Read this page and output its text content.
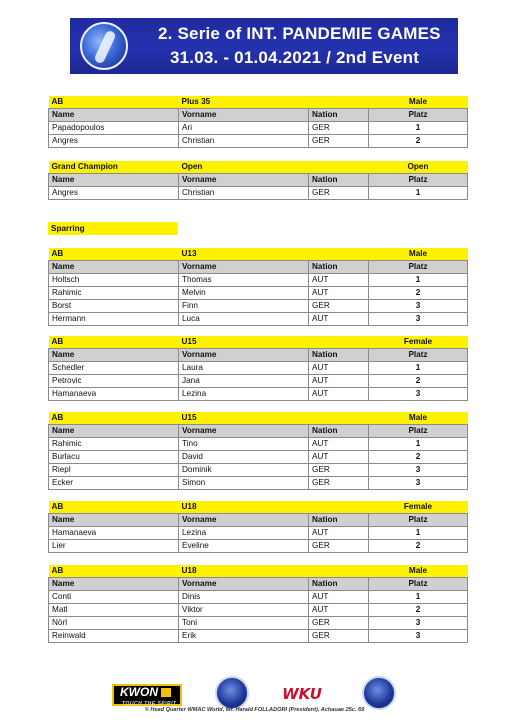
2. Serie of INT. PANDEMIE GAMES
31.03. - 01.04.2021 / 2nd Event
Sparring
AB	Plus 35		Male
Name	Vorname	Nation	Platz
Papadopoulos	Ari	GER	1
Angres	Christian	GER	2
Grand Champion	Open		Open
Name	Vorname	Nation	Platz
Angres	Christian	GER	1
AB	U13		Male
Name	Vorname	Nation	Platz
Holtsch	Thomas	AUT	1
Rahimic	Melvin	AUT	2
Borst	Finn	GER	3
Hermann	Luca	AUT	3
AB	U15		Female
Name	Vorname	Nation	Platz
Schedler	Laura	AUT	1
Petrovic	Jana	AUT	2
Hamanaeva	Lezina	AUT	3
AB	U15		Male
Name	Vorname	Nation	Platz
Rahimic	Tino	AUT	1
Burlacu	David	AUT	2
Riepl	Dominik	GER	3
Ecker	Simon	GER	3
AB	U18		Female
Name	Vorname	Nation	Platz
Hamanaeva	Lezina	AUT	1
Lier	Eveline	GER	2
AB	U18		Male
Name	Vorname	Nation	Platz
Conti	Dinis	AUT	1
Matl	Viktor	AUT	2
Nörl	Toni	GER	3
Reinwald	Erik	GER	3
KWON
TOUCH THE SPIRIT
WKU
© Head Quarter WMAC World, Mr. Harald FOLLADORI (President), Achauae 25c. 69
